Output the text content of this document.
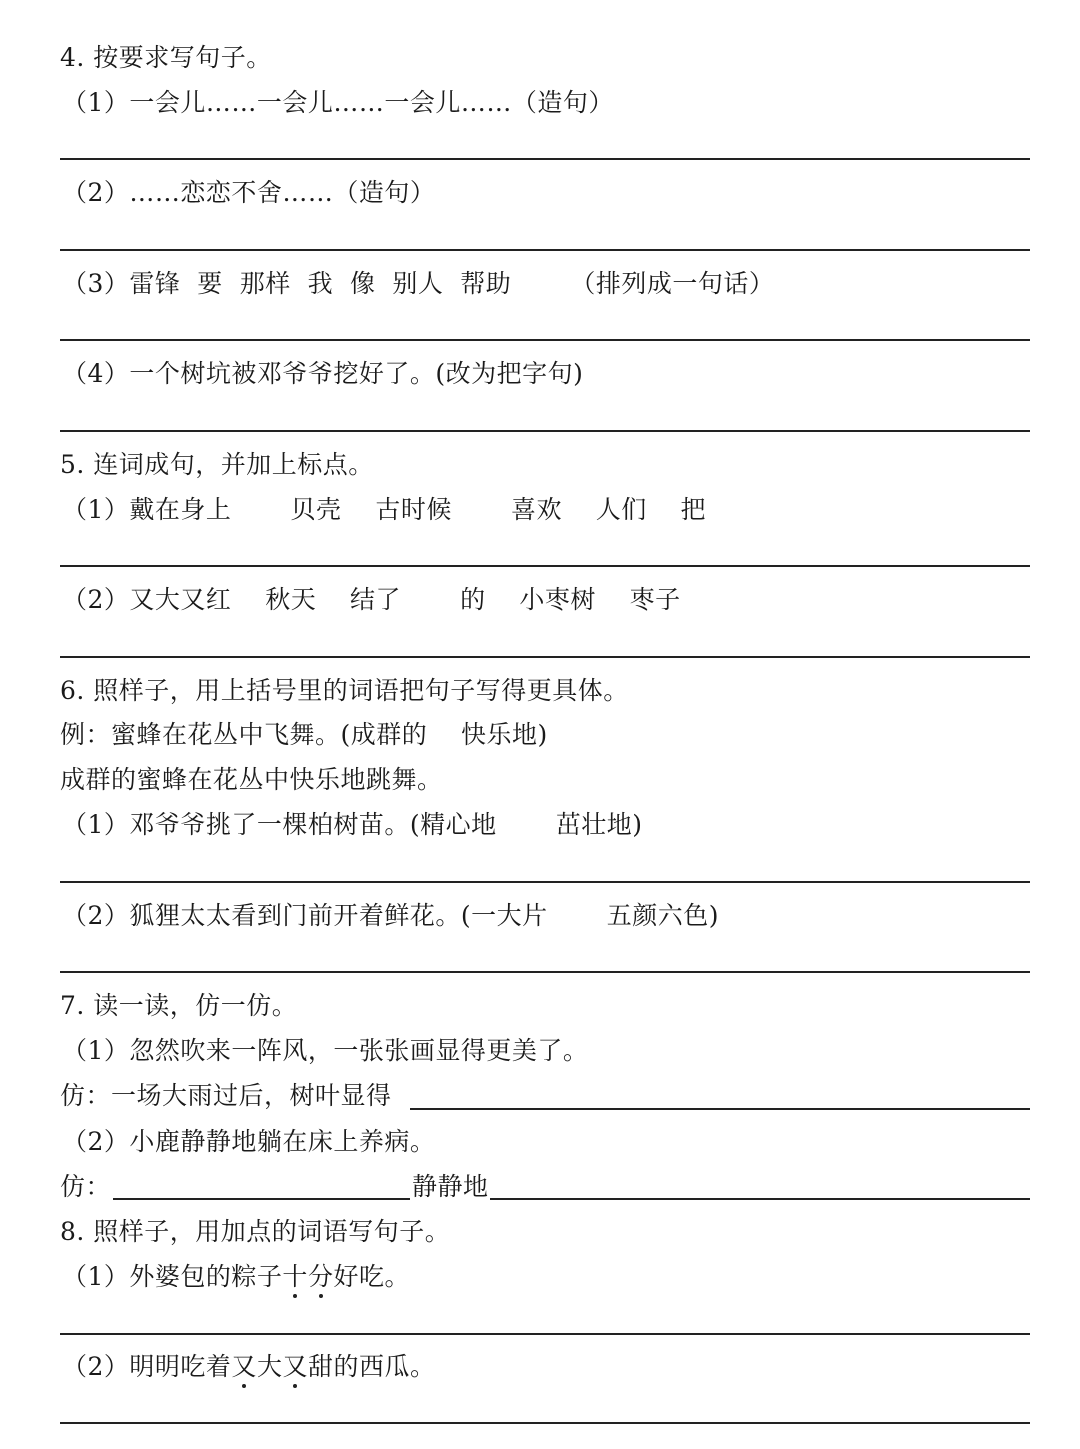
4. 按要求写句子。
（1）一会儿……一会儿……一会儿……（造句）
（2）……恋恋不舍……（造句）
（3）雷锋  要  那样  我  像  别人  帮助       （排列成一句话）
（4）一个树坑被邓爷爷挖好了。(改为把字句)
5. 连词成句，并加上标点。
（1）戴在身上       贝壳    古时候       喜欢    人们    把
（2）又大又红    秋天    结了       的    小枣树    枣子
6. 照样子，用上括号里的词语把句子写得更具体。
例：蜜蜂在花丛中飞舞。(成群的    快乐地)
成群的蜜蜂在花丛中快乐地跳舞。
（1）邓爷爷挑了一棵柏树苗。(精心地       茁壮地)
（2）狐狸太太看到门前开着鲜花。(一大片       五颜六色)
7. 读一读，仿一仿。
（1）忽然吹来一阵风，一张张画显得更美了。
仿：一场大雨过后，树叶显得
（2）小鹿静静地躺在床上养病。
仿：	静静地
8. 照样子，用加点的词语写句子。
（1）外婆包的粽子十分好吃。
（2）明明吃着又大又甜的西瓜。
